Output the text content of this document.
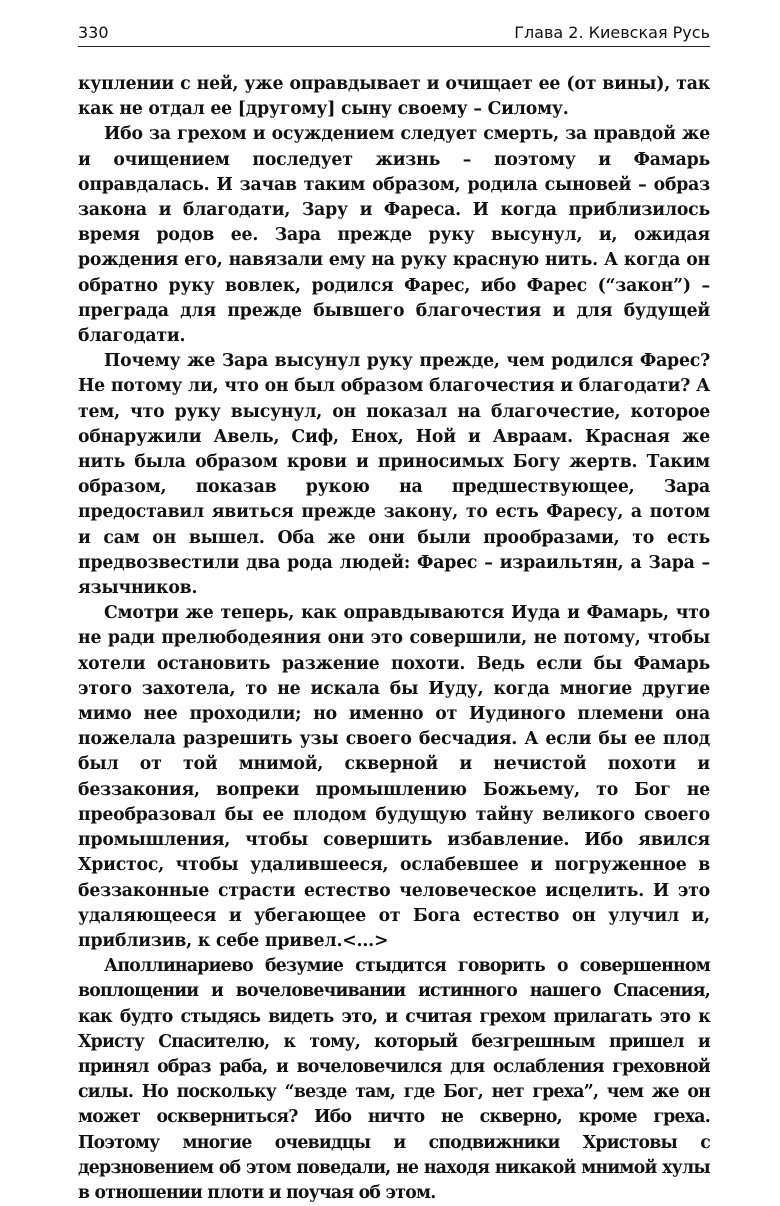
330	Глава 2. Киевская Русь

куплении с ней, уже оправдывает и очищает ее (от вины), так как не отдал ее [другому] сыну своему – Силому.

Ибо за грехом и осуждением следует смерть, за правдой же и очищением последует жизнь – поэтому и Фамарь оправдалась. И зачав таким образом, родила сыновей – образ закона и благодати, Зару и Фареса. И когда приблизилось время родов ее. Зара прежде руку высунул, и, ожидая рождения его, навязали ему на руку красную нить. А когда он обратно руку вовлек, родился Фарес, ибо Фарес (“закон”) – преграда для прежде бывшего благочестия и для будущей благодати.

Почему же Зара высунул руку прежде, чем родился Фарес? Не потому ли, что он был образом благочестия и благодати? А тем, что руку высунул, он показал на благочестие, которое обнаружили Авель, Сиф, Енох, Ной и Авраам. Красная же нить была образом крови и приносимых Богу жертв. Таким образом, показав рукою на предшествующее, Зара предоставил явиться прежде закону, то есть Фаресу, а потом и сам он вышел. Оба же они были прообразами, то есть предвозвестили два рода людей: Фарес – израильтян, а Зара – язычников.

Смотри же теперь, как оправдываются Иуда и Фамарь, что не ради прелюбодеяния они это совершили, не потому, чтобы хотели остановить разжение похоти. Ведь если бы Фамарь этого захотела, то не искала бы Иуду, когда многие другие мимо нее проходили; но именно от Иудиного племени она пожелала разрешить узы своего бесчадия. А если бы ее плод был от той мнимой, скверной и нечистой похоти и беззакония, вопреки промышлению Божьему, то Бог не преобразовал бы ее плодом будущую тайну великого своего промышления, чтобы совершить избавление. Ибо явился Христос, чтобы удалившееся, ослабевшее и погруженное в беззаконные страсти естество человеческое исцелить. И это удаляющееся и убегающее от Бога естество он улучил и, приблизив, к себе привел.<...>

Аполлинариево безумие стыдится говорить о совершенном воплощении и вочеловечивании истинного нашего Спасения, как будто стыдясь видеть это, и считая грехом прилагать это к Христу Спасителю, к тому, который безгрешным пришел и принял образ раба, и вочеловечился для ослабления греховной силы. Но поскольку “везде там, где Бог, нет греха”, чем же он может оскверниться? Ибо ничто не скверно, кроме греха. Поэтому многие очевидцы и сподвижники Христовы с дерзновением об этом поведали, не находя никакой мнимой хулы в отношении плоти и поучая об этом.
